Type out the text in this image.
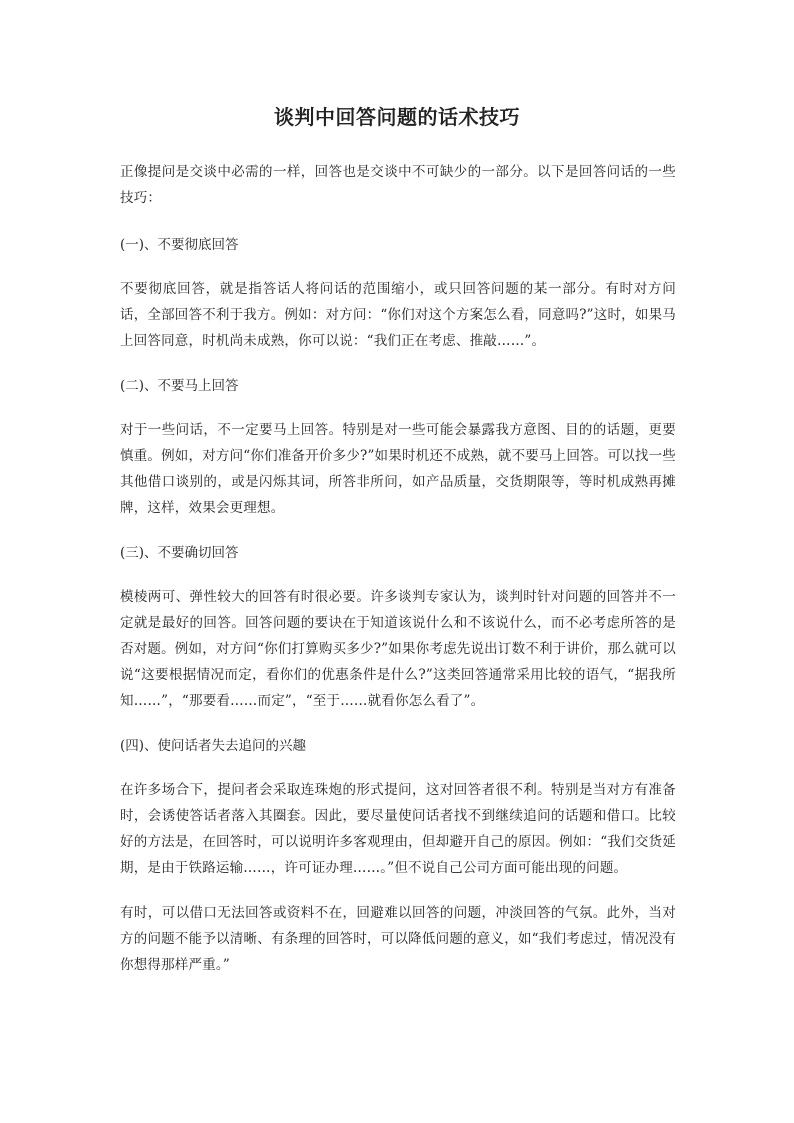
谈判中回答问题的话术技巧

正像提问是交谈中必需的一样，回答也是交谈中不可缺少的一部分。以下是回答问话的一些技巧：

(一)、不要彻底回答

不要彻底回答，就是指答话人将问话的范围缩小，或只回答问题的某一部分。有时对方问话，全部回答不利于我方。例如：对方问：“你们对这个方案怎么看，同意吗?”这时，如果马上回答同意，时机尚未成熟，你可以说：“我们正在考虑、推敲……”。

(二)、不要马上回答

对于一些问话，不一定要马上回答。特别是对一些可能会暴露我方意图、目的的话题，更要慎重。例如，对方问“你们准备开价多少?”如果时机还不成熟，就不要马上回答。可以找一些其他借口谈别的，或是闪烁其词，所答非所问，如产品质量，交货期限等，等时机成熟再摊牌，这样，效果会更理想。

(三)、不要确切回答

模棱两可、弹性较大的回答有时很必要。许多谈判专家认为，谈判时针对问题的回答并不一定就是最好的回答。回答问题的要诀在于知道该说什么和不该说什么，而不必考虑所答的是否对题。例如，对方问“你们打算购买多少?”如果你考虑先说出订数不利于讲价，那么就可以说“这要根据情况而定，看你们的优惠条件是什么?”这类回答通常采用比较的语气，“据我所知……”，“那要看……而定”，“至于……就看你怎么看了”。

(四)、使问话者失去追问的兴趣

在许多场合下，提问者会采取连珠炮的形式提问，这对回答者很不利。特别是当对方有准备时，会诱使答话者落入其圈套。因此，要尽量使问话者找不到继续追问的话题和借口。比较好的方法是，在回答时，可以说明许多客观理由，但却避开自己的原因。例如：“我们交货延期，是由于铁路运输……，许可证办理……。”但不说自己公司方面可能出现的问题。

有时，可以借口无法回答或资料不在，回避难以回答的问题，冲淡回答的气氛。此外，当对方的问题不能予以清晰、有条理的回答时，可以降低问题的意义，如“我们考虑过，情况没有你想得那样严重。”
